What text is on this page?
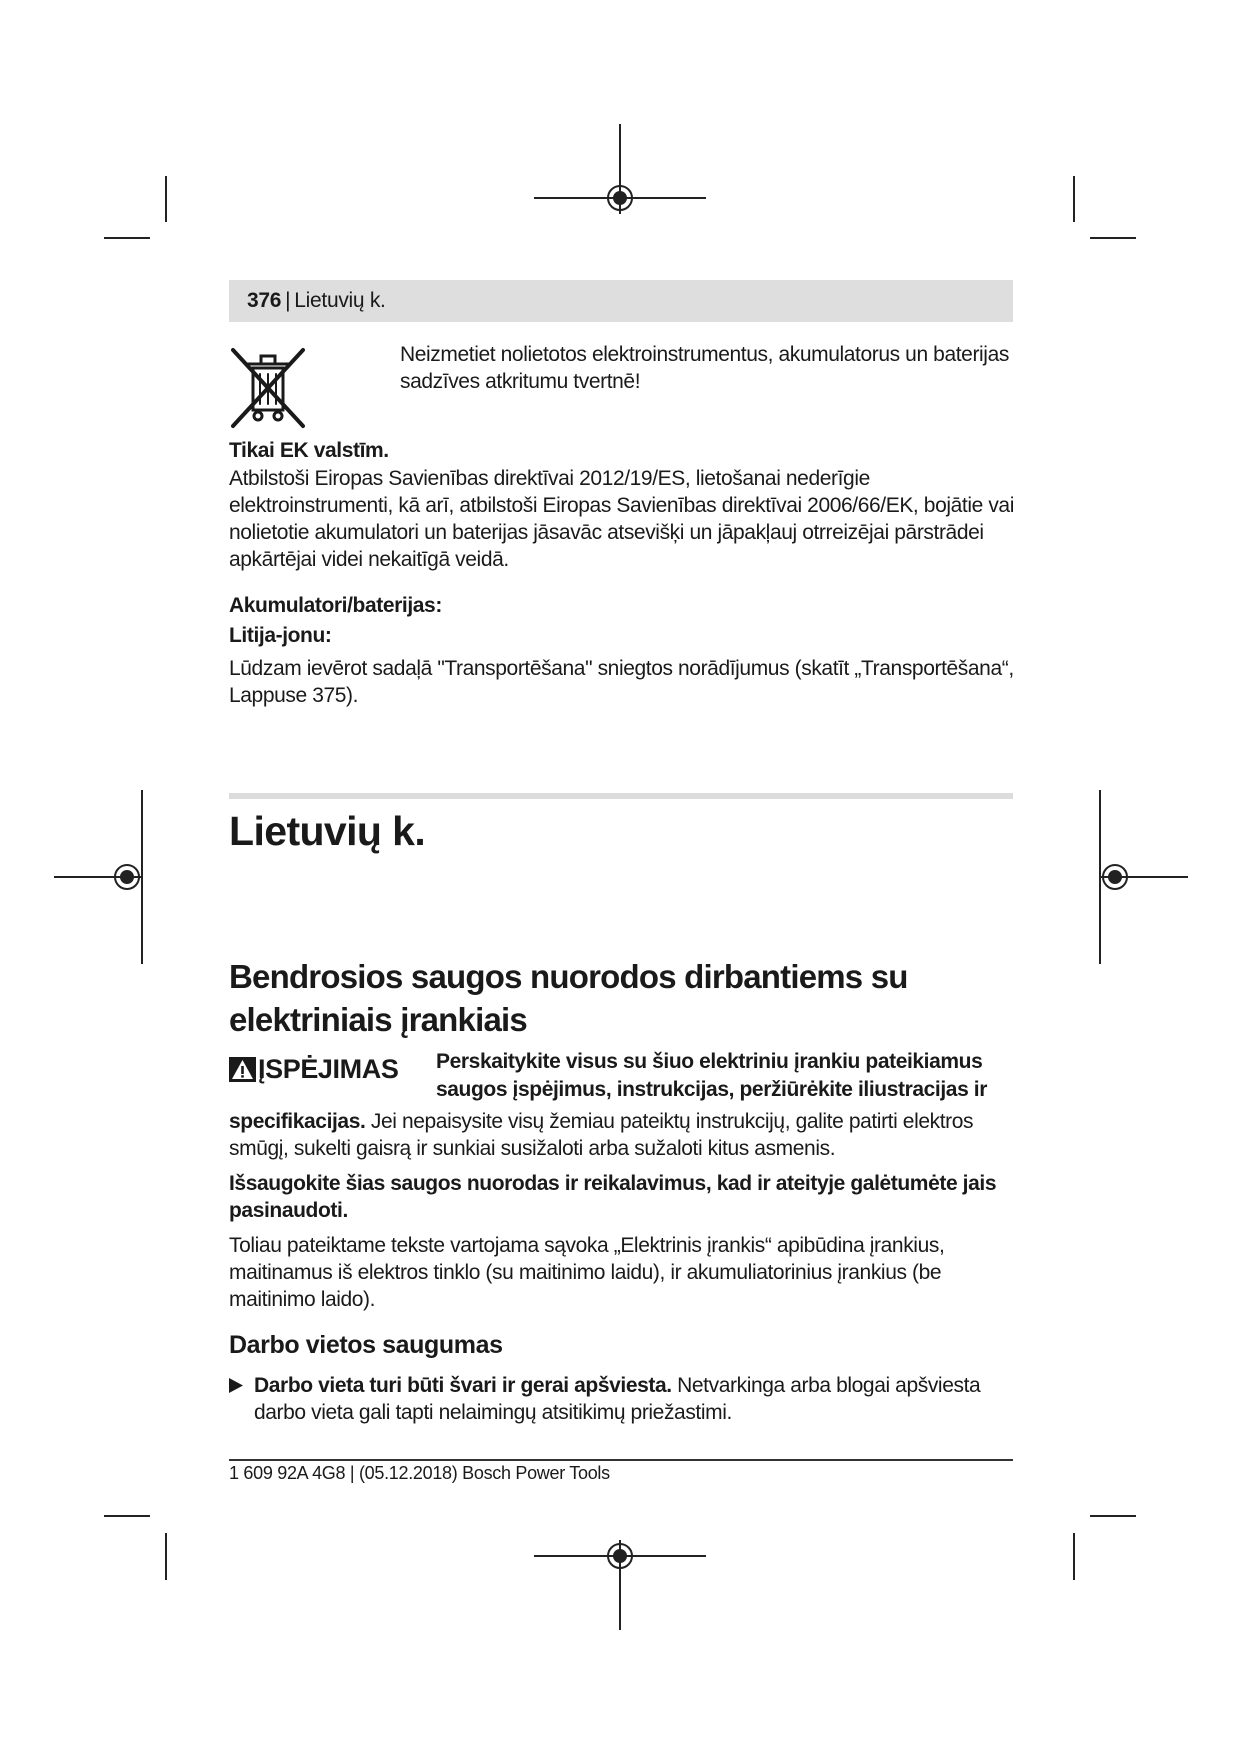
376 | Lietuvių k.
Neizmetiet nolietotos elektroinstrumentus, akumulatorus un baterijas sadzīves atkritumu tvertnē!
Tikai EK valstīm.
Atbilstoši Eiropas Savienības direktīvai 2012/19/ES, lietošanai nederīgie elektroinstrumenti, kā arī, atbilstoši Eiropas Savienības direktīvai 2006/66/EK, bojātie vai nolietotie akumulatori un baterijas jāsavāc atsevišķi un jāpakļauj otrreizējai pārstrādei apkārtējai videi nekaitīgā veidā.
Akumulatori/baterijas:
Litija-jonu:
Lūdzam ievērot sadaļā "Transportēšana" sniegtos norādījumus (skatīt „Transportēšana“, Lappuse 375).
Lietuvių k.
Bendrosios saugos nuorodos dirbantiems su elektriniais įrankiais
ĮSPĖJIMAS Perskaitykite visus su šiuo elektriniu įrankiu pateikiamus saugos įspėjimus, instrukcijas, peržiūrėkite iliustracijas ir
specifikacijas. Jei nepaisysite visų žemiau pateiktų instrukcijų, galite patirti elektros smūgį, sukelti gaisrą ir sunkiai susižaloti arba sužaloti kitus asmenis.
Išsaugokite šias saugos nuorodas ir reikalavimus, kad ir ateityje galėtumėte jais pasinaudoti.
Toliau pateiktame tekste vartojama sąvoka „Elektrinis įrankis“ apibūdina įrankius, maitinamus iš elektros tinklo (su maitinimo laidu), ir akumuliatorinius įrankius (be maitinimo laido).
Darbo vietos saugumas
Darbo vieta turi būti švari ir gerai apšviesta. Netvarkinga arba blogai apšviesta darbo vieta gali tapti nelaimingų atsitikimų priežastimi.
1 609 92A 4G8 | (05.12.2018) Bosch Power Tools
